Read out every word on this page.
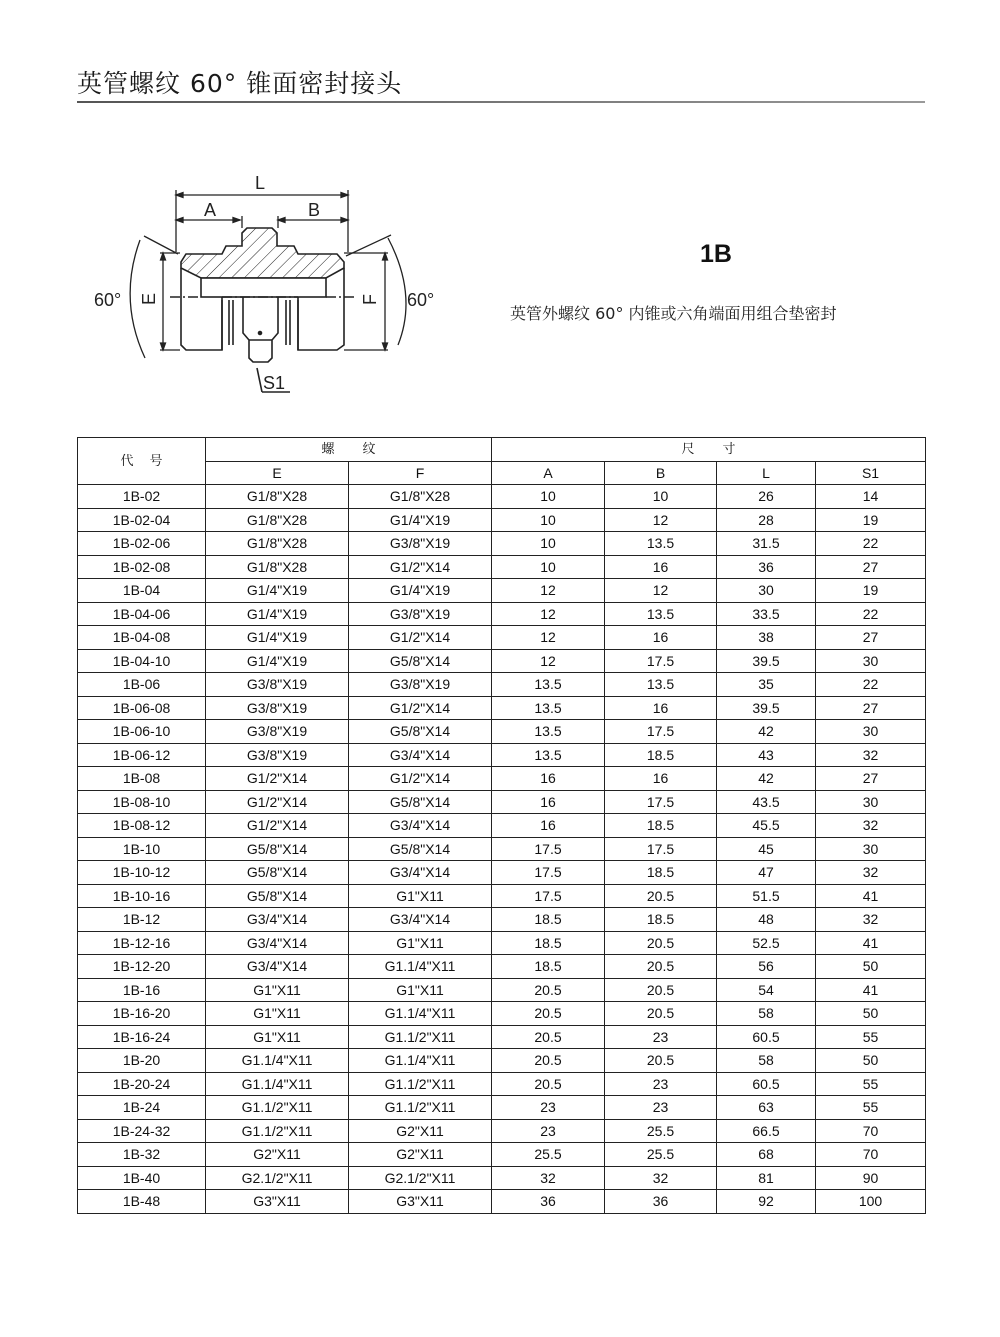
英管螺纹 60° 锥面密封接头
L
A	B
E	F
S1
60°	60°
1B
英管外螺纹 60° 内锥或六角端面用组合垫密封
代号	螺纹		尺寸			
	E	F	A	B	L	S1
1B-02	G1/8"X28	G1/8"X28	10	10	26	14
1B-02-04	G1/8"X28	G1/4"X19	10	12	28	19
1B-02-06	G1/8"X28	G3/8"X19	10	13.5	31.5	22
1B-02-08	G1/8"X28	G1/2"X14	10	16	36	27
1B-04	G1/4"X19	G1/4"X19	12	12	30	19
1B-04-06	G1/4"X19	G3/8"X19	12	13.5	33.5	22
1B-04-08	G1/4"X19	G1/2"X14	12	16	38	27
1B-04-10	G1/4"X19	G5/8"X14	12	17.5	39.5	30
1B-06	G3/8"X19	G3/8"X19	13.5	13.5	35	22
1B-06-08	G3/8"X19	G1/2"X14	13.5	16	39.5	27
1B-06-10	G3/8"X19	G5/8"X14	13.5	17.5	42	30
1B-06-12	G3/8"X19	G3/4"X14	13.5	18.5	43	32
1B-08	G1/2"X14	G1/2"X14	16	16	42	27
1B-08-10	G1/2"X14	G5/8"X14	16	17.5	43.5	30
1B-08-12	G1/2"X14	G3/4"X14	16	18.5	45.5	32
1B-10	G5/8"X14	G5/8"X14	17.5	17.5	45	30
1B-10-12	G5/8"X14	G3/4"X14	17.5	18.5	47	32
1B-10-16	G5/8"X14	G1"X11	17.5	20.5	51.5	41
1B-12	G3/4"X14	G3/4"X14	18.5	18.5	48	32
1B-12-16	G3/4"X14	G1"X11	18.5	20.5	52.5	41
1B-12-20	G3/4"X14	G1.1/4"X11	18.5	20.5	56	50
1B-16	G1"X11	G1"X11	20.5	20.5	54	41
1B-16-20	G1"X11	G1.1/4"X11	20.5	20.5	58	50
1B-16-24	G1"X11	G1.1/2"X11	20.5	23	60.5	55
1B-20	G1.1/4"X11	G1.1/4"X11	20.5	20.5	58	50
1B-20-24	G1.1/4"X11	G1.1/2"X11	20.5	23	60.5	55
1B-24	G1.1/2"X11	G1.1/2"X11	23	23	63	55
1B-24-32	G1.1/2"X11	G2"X11	23	25.5	66.5	70
1B-32	G2"X11	G2"X11	25.5	25.5	68	70
1B-40	G2.1/2"X11	G2.1/2"X11	32	32	81	90
1B-48	G3"X11	G3"X11	36	36	92	100
